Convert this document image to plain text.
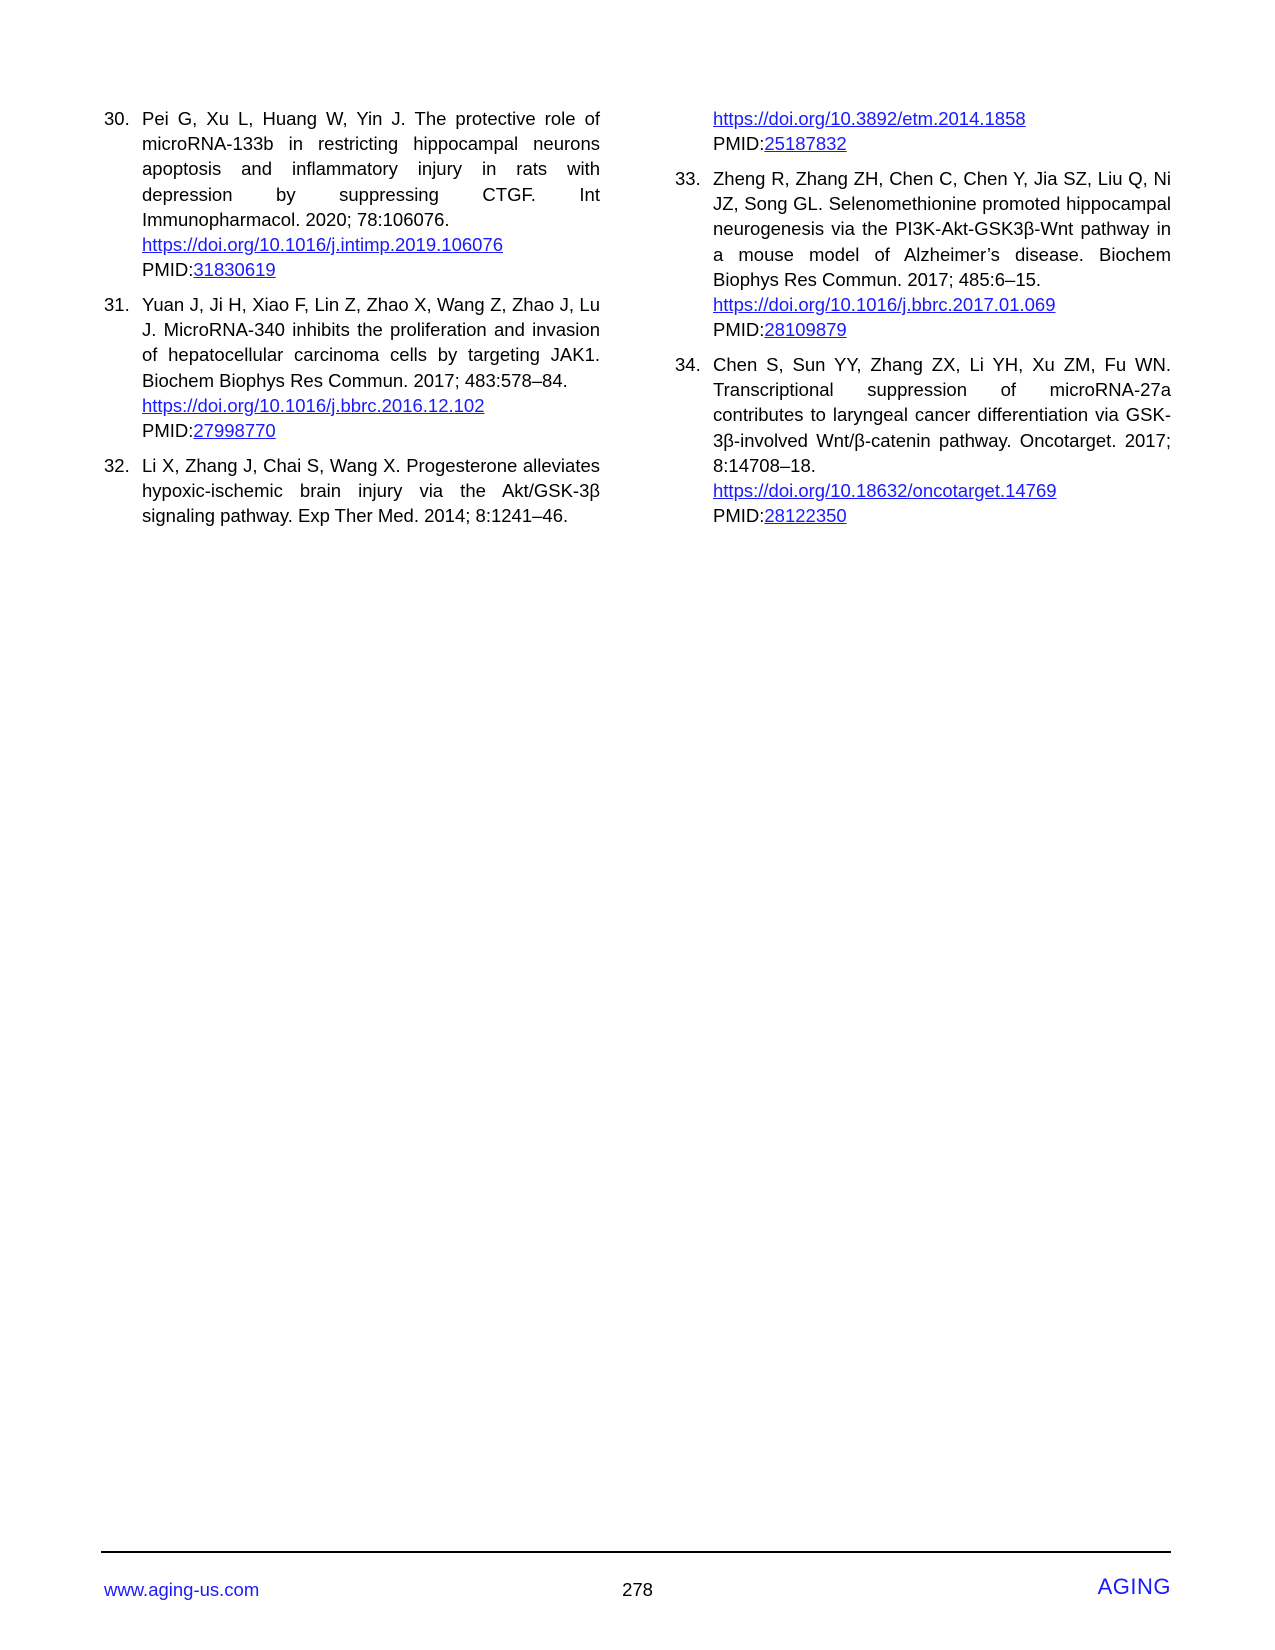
30. Pei G, Xu L, Huang W, Yin J. The protective role of microRNA-133b in restricting hippocampal neurons apoptosis and inflammatory injury in rats with depression by suppressing CTGF. Int Immunopharmacol. 2020; 78:106076.
https://doi.org/10.1016/j.intimp.2019.106076
PMID:31830619
31. Yuan J, Ji H, Xiao F, Lin Z, Zhao X, Wang Z, Zhao J, Lu J. MicroRNA-340 inhibits the proliferation and invasion of hepatocellular carcinoma cells by targeting JAK1. Biochem Biophys Res Commun. 2017; 483:578–84.
https://doi.org/10.1016/j.bbrc.2016.12.102
PMID:27998770
32. Li X, Zhang J, Chai S, Wang X. Progesterone alleviates hypoxic-ischemic brain injury via the Akt/GSK-3β signaling pathway. Exp Ther Med. 2014; 8:1241–46.
https://doi.org/10.3892/etm.2014.1858
PMID:25187832
33. Zheng R, Zhang ZH, Chen C, Chen Y, Jia SZ, Liu Q, Ni JZ, Song GL. Selenomethionine promoted hippocampal neurogenesis via the PI3K-Akt-GSK3β-Wnt pathway in a mouse model of Alzheimer’s disease. Biochem Biophys Res Commun. 2017; 485:6–15.
https://doi.org/10.1016/j.bbrc.2017.01.069
PMID:28109879
34. Chen S, Sun YY, Zhang ZX, Li YH, Xu ZM, Fu WN. Transcriptional suppression of microRNA-27a contributes to laryngeal cancer differentiation via GSK-3β-involved Wnt/β-catenin pathway. Oncotarget. 2017; 8:14708–18.
https://doi.org/10.18632/oncotarget.14769
PMID:28122350
www.aging-us.com	278	AGING
